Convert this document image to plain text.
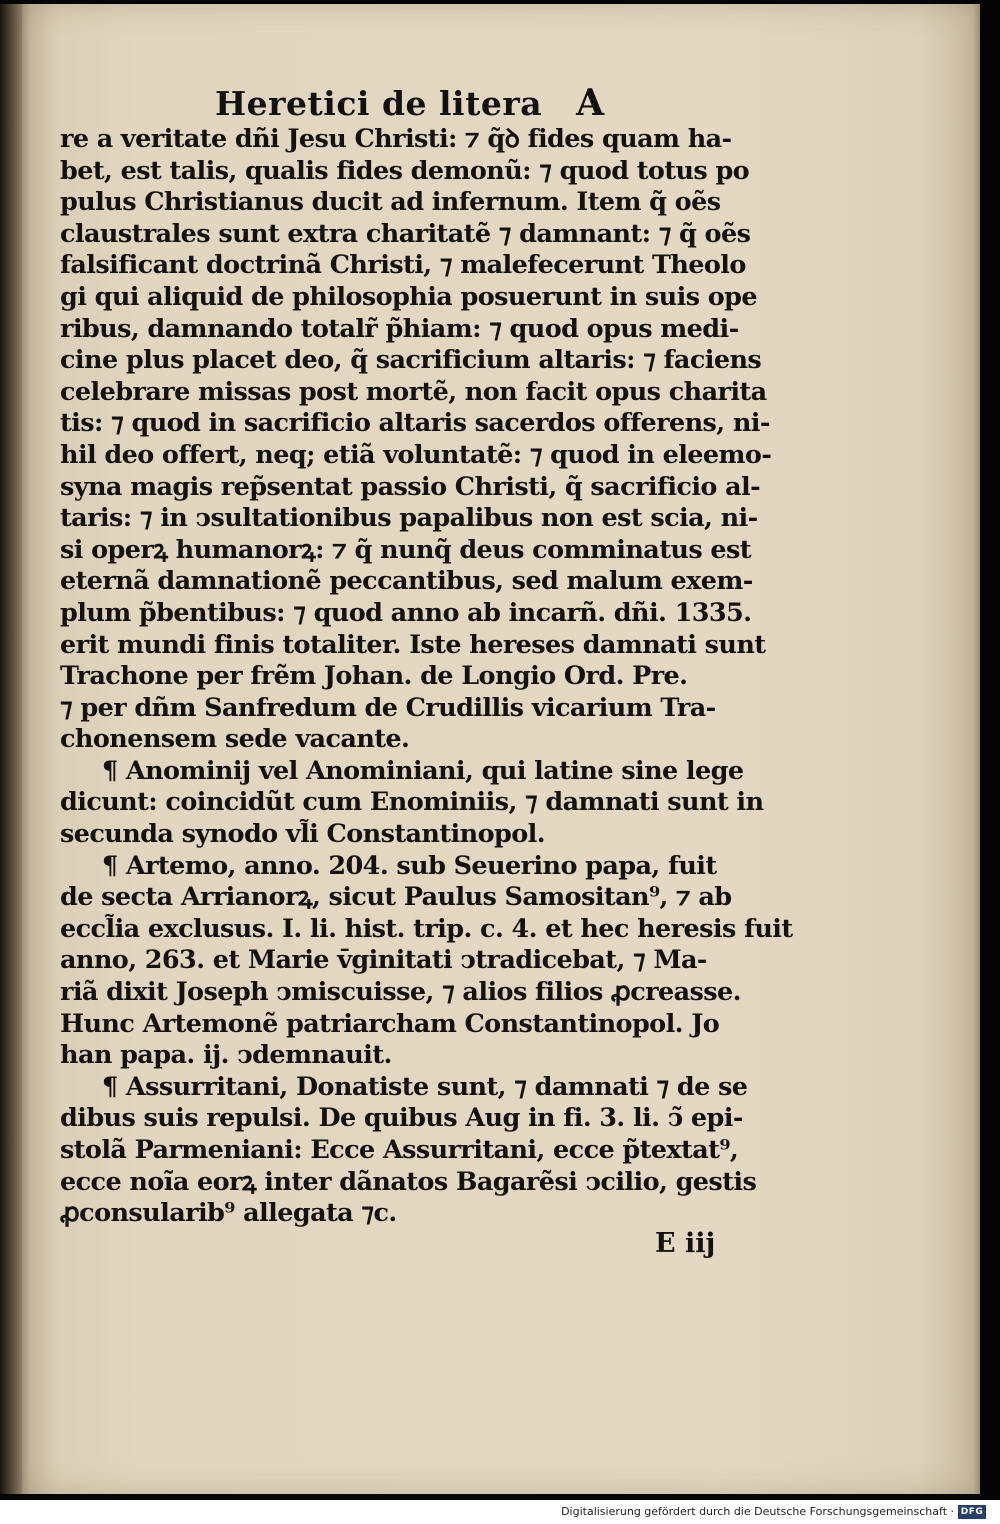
Heretici de litera A
re a veritate dñi Jesu Christi: ⁊ q̃ꝺ fides quam ha-
bet, est talis, qualis fides demonũ: ⁊ quod totus po
pulus Christianus ducit ad infernum. Item q̃ oẽs
claustrales sunt extra charitatẽ ⁊ damnant: ⁊ q̃ oẽs
falsificant doctrinã Christi, ⁊ malefecerunt Theolo
gi qui aliquid de philosophia posuerunt in suis ope
ribus, damnando totalr̃ p̃hiam: ⁊ quod opus medi-
cine plus placet deo, q̃ sacrificium altaris: ⁊ faciens
celebrare missas post mortẽ, non facit opus charita
tis: ⁊ quod in sacrificio altaris sacerdos offerens, ni-
hil deo offert, neq; etiã voluntatẽ: ⁊ quod in eleemo-
syna magis rep̃sentat passio Christi, q̃ sacrificio al-
taris: ⁊ in ↄsultationibus papalibus non est scia, ni-
si operꝝ humanorꝝ: ⁊ q̃ nunq̃ deus comminatus est
eternã damnationẽ peccantibus, sed malum exem-
plum p̃bentibus: ⁊ quod anno ab incarñ. dñi. 1335.
erit mundi finis totaliter. Iste hereses damnati sunt
Trachone per frẽm Johan. de Longio Ord. Pre.
⁊ per dñm Sanfredum de Crudillis vicarium Tra-
chonensem sede vacante.
¶ Anominij vel Anominiani, qui latine sine lege
dicunt: coincidũt cum Enominiis, ⁊ damnati sunt in
secunda synodo vl̃i Constantinopol.
¶ Artemo, anno. 204. sub Seuerino papa, fuit
de secta Arrianorꝝ, sicut Paulus Samositan⁹, ⁊ ab
eccl̃ia exclusus. I. li. hist. trip. c. 4. et hec heresis fuit
anno, 263. et Marie v̄ginitati ↄtradicebat, ⁊ Ma-
riã dixit Joseph ↄmiscuisse, ⁊ alios filios ꝓcreasse.
Hunc Artemonẽ patriarcham Constantinopol. Jo
han papa. ij. ↄdemnauit.
¶ Assurritani, Donatiste sunt, ⁊ damnati ⁊ de se
dibus suis repulsi. De quibus Aug in fi. 3. li. ↄ̃ epi-
stolã Parmeniani: Ecce Assurritani, ecce p̃textat⁹,
ecce noĩa eorꝝ inter dãnatos Bagarẽsi ↄcilio, gestis
ꝓconsularib⁹ allegata ⁊c.
E iij
Digitalisierung gefördert durch die Deutsche Forschungsgemeinschaft · DFG
